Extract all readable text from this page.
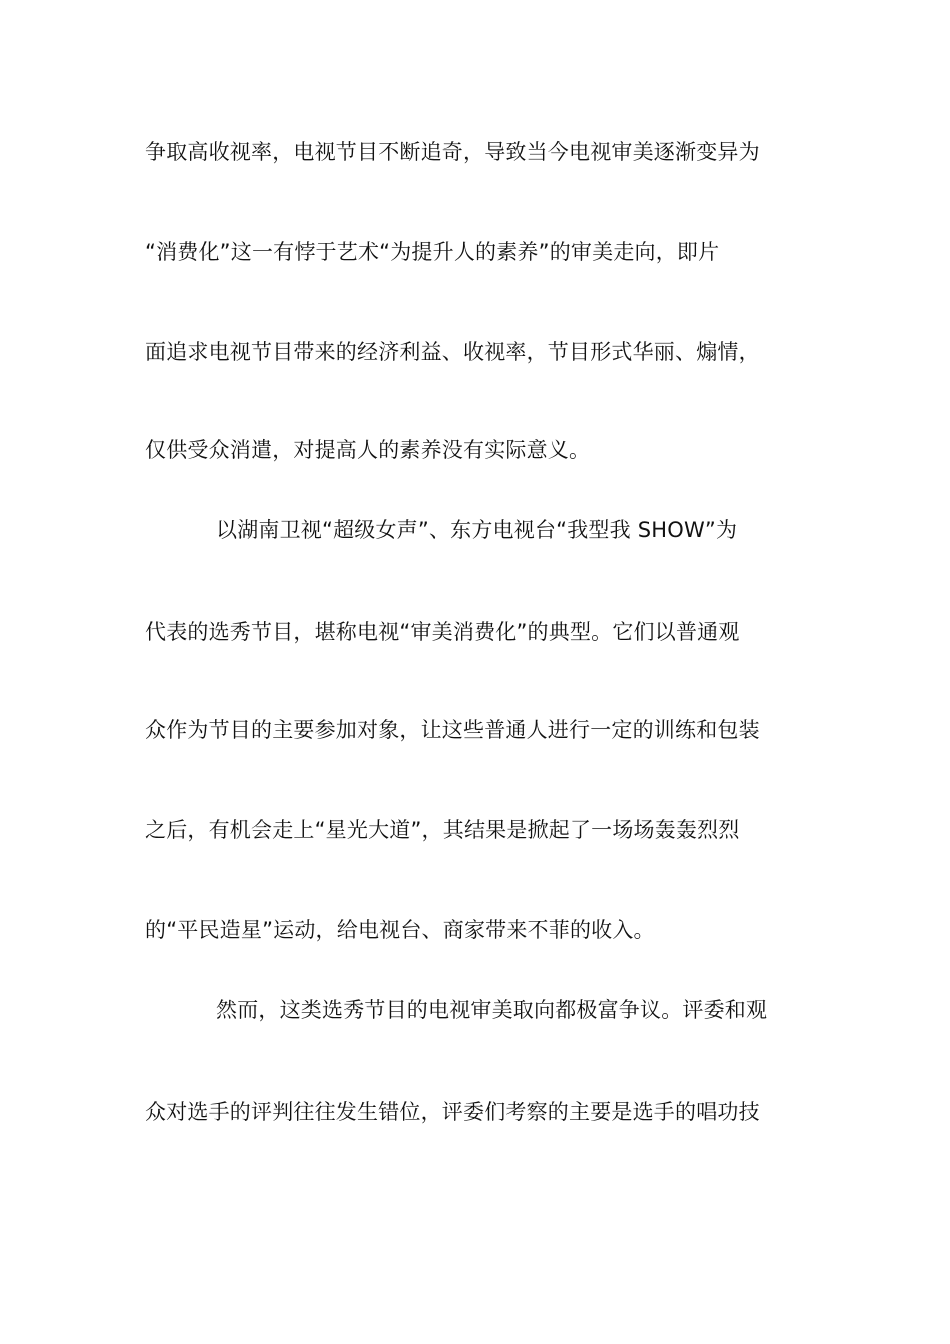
争取高收视率，电视节目不断追奇，导致当今电视审美逐渐变异为
“消费化”这一有悖于艺术“为提升人的素养”的审美走向，即片
面追求电视节目带来的经济利益、收视率，节目形式华丽、煽情，
仅供受众消遣，对提高人的素养没有实际意义。
以湖南卫视“超级女声”、东方电视台“我型我 SHOW”为
代表的选秀节目，堪称电视“审美消费化”的典型。它们以普通观
众作为节目的主要参加对象，让这些普通人进行一定的训练和包装
之后，有机会走上“星光大道”，其结果是掀起了一场场轰轰烈烈
的“平民造星”运动，给电视台、商家带来不菲的收入。
然而，这类选秀节目的电视审美取向都极富争议。评委和观
众对选手的评判往往发生错位，评委们考察的主要是选手的唱功技
